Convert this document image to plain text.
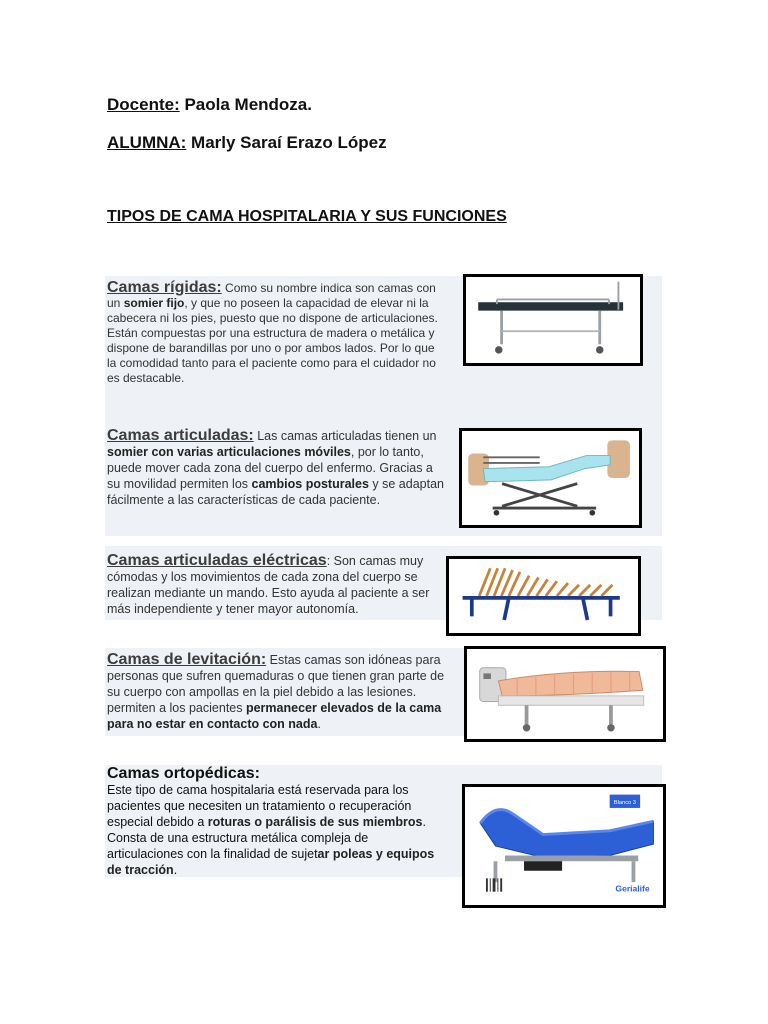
Docente: Paola Mendoza.
ALUMNA: Marly Saraí Erazo López
TIPOS DE CAMA HOSPITALARIA Y SUS FUNCIONES
Camas rígidas: Como su nombre indica son camas con un somier fijo, y que no poseen la capacidad de elevar ni la cabecera ni los pies, puesto que no dispone de articulaciones. Están compuestas por una estructura de madera o metálica y dispone de barandillas por uno o por ambos lados. Por lo que la comodidad tanto para el paciente como para el cuidador no es destacable.
Camas articuladas: Las camas articuladas tienen un somier con varias articulaciones móviles, por lo tanto, puede mover cada zona del cuerpo del enfermo. Gracias a su movilidad permiten los cambios posturales y se adaptan fácilmente a las características de cada paciente.
Camas articuladas eléctricas: Son camas muy cómodas y los movimientos de cada zona del cuerpo se realizan mediante un mando. Esto ayuda al paciente a ser más independiente y tener mayor autonomía.
Camas de levitación: Estas camas son idóneas para personas que sufren quemaduras o que tienen gran parte de su cuerpo con ampollas en la piel debido a las lesiones. permiten a los pacientes permanecer elevados de la cama para no estar en contacto con nada.
Camas ortopédicas:
Este tipo de cama hospitalaria está reservada para los pacientes que necesiten un tratamiento o recuperación especial debido a roturas o parálisis de sus miembros. Consta de una estructura metálica compleja de articulaciones con la finalidad de sujetar poleas y equipos de tracción.
Blanco 3
Gerialife
